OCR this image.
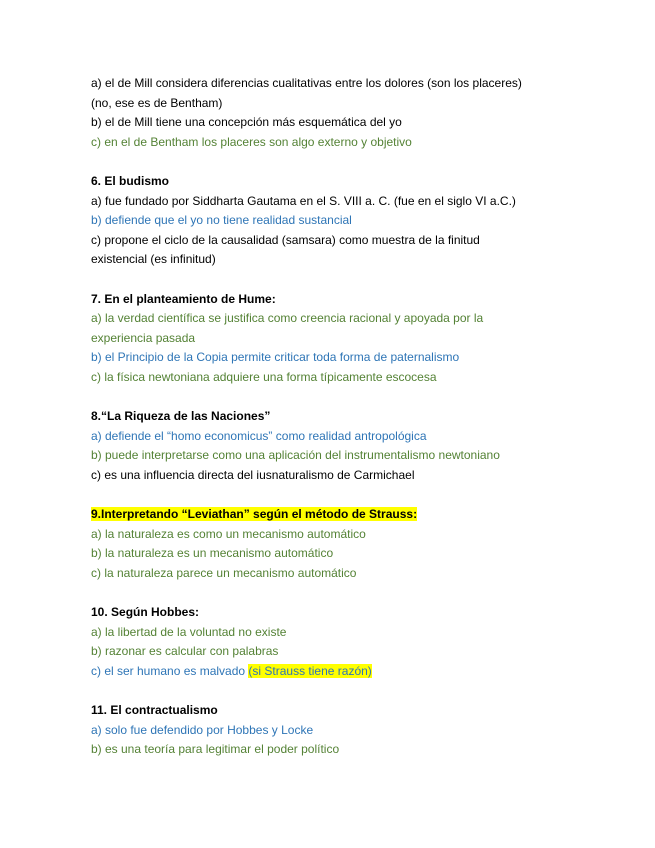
a) el de Mill considera diferencias cualitativas entre los dolores (son los placeres)
(no, ese es de Bentham)
b) el de Mill tiene una concepción más esquemática del yo
c) en el de Bentham los placeres son algo externo y objetivo
6. El budismo
a) fue fundado por Siddharta Gautama en el S. VIII a. C. (fue en el siglo VI a.C.)
b) defiende que el yo no tiene realidad sustancial
c) propone el ciclo de la causalidad (samsara) como muestra de la finitud
existencial (es infinitud)
7. En el planteamiento de Hume:
a) la verdad científica se justifica como creencia racional y apoyada por la
experiencia pasada
b) el Principio de la Copia permite criticar toda forma de paternalismo
c) la física newtoniana adquiere una forma típicamente escocesa
8.“La Riqueza de las Naciones”
a) defiende el “homo economicus” como realidad antropológica
b) puede interpretarse como una aplicación del instrumentalismo newtoniano
c) es una influencia directa del iusnaturalismo de Carmichael
9.Interpretando “Leviathan” según el método de Strauss:
a) la naturaleza es como un mecanismo automático
b) la naturaleza es un mecanismo automático
c) la naturaleza parece un mecanismo automático
10. Según Hobbes:
a) la libertad de la voluntad no existe
b) razonar es calcular con palabras
c) el ser humano es malvado (si Strauss tiene razón)
11. El contractualismo
a) solo fue defendido por Hobbes y Locke
b) es una teoría para legitimar el poder político
